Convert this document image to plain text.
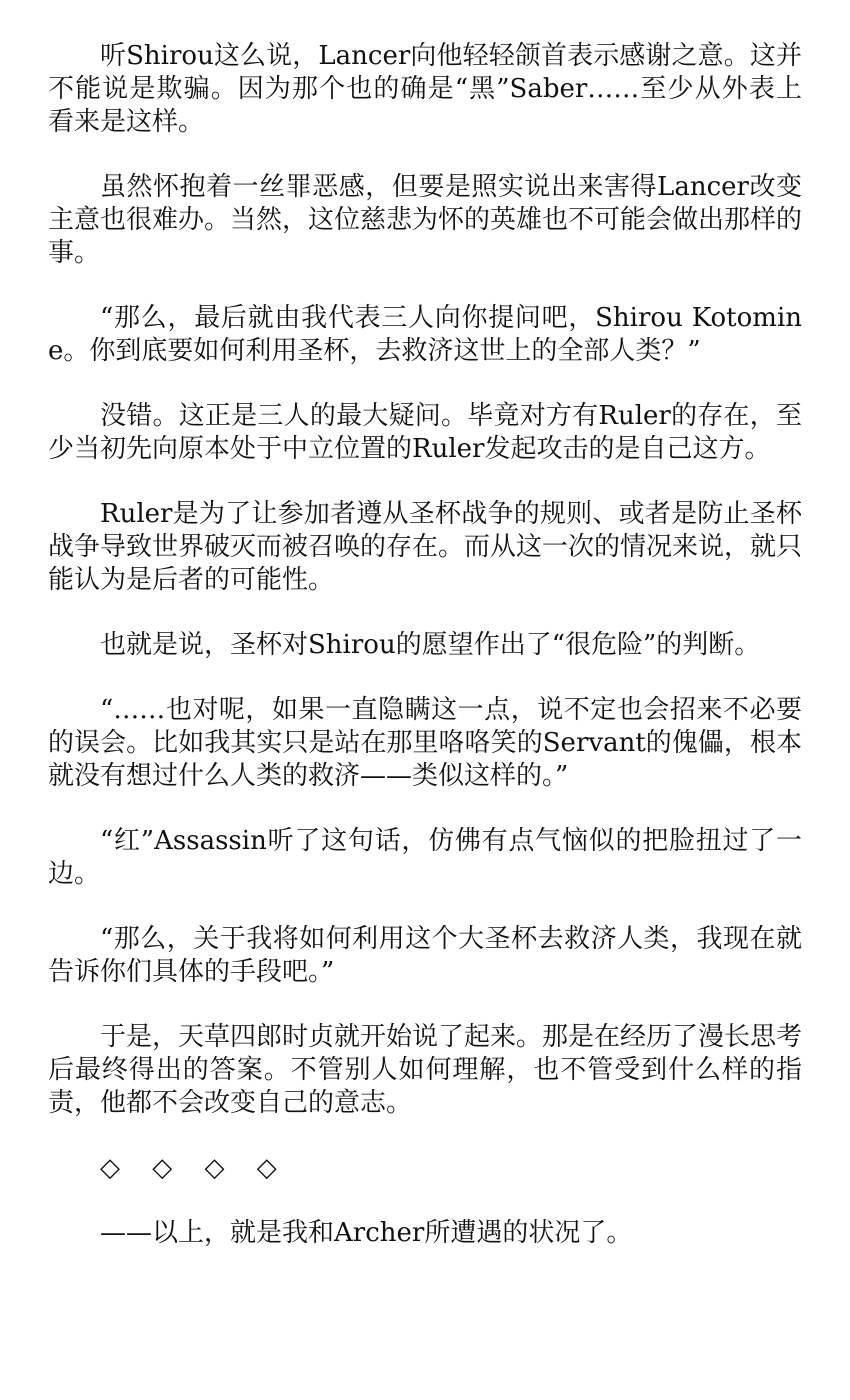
听Shirou这么说，Lancer向他轻轻颌首表示感谢之意。这并不能说是欺骗。因为那个也的确是“黑”Saber……至少从外表上看来是这样。

虽然怀抱着一丝罪恶感，但要是照实说出来害得Lancer改变主意也很难办。当然，这位慈悲为怀的英雄也不可能会做出那样的事。

“那么，最后就由我代表三人向你提问吧，Shirou Kotomine。你到底要如何利用圣杯，去救济这世上的全部人类？”

没错。这正是三人的最大疑问。毕竟对方有Ruler的存在，至少当初先向原本处于中立位置的Ruler发起攻击的是自己这方。

Ruler是为了让参加者遵从圣杯战争的规则、或者是防止圣杯战争导致世界破灭而被召唤的存在。而从这一次的情况来说，就只能认为是后者的可能性。

也就是说，圣杯对Shirou的愿望作出了“很危险”的判断。

“……也对呢，如果一直隐瞒这一点，说不定也会招来不必要的误会。比如我其实只是站在那里咯咯笑的Servant的傀儡，根本就没有想过什么人类的救济——类似这样的。”

“红”Assassin听了这句话，仿佛有点气恼似的把脸扭过了一边。

“那么，关于我将如何利用这个大圣杯去救济人类，我现在就告诉你们具体的手段吧。”

于是，天草四郎时贞就开始说了起来。那是在经历了漫长思考后最终得出的答案。不管别人如何理解，也不管受到什么样的指责，他都不会改变自己的意志。

◇ ◇ ◇ ◇

——以上，就是我和Archer所遭遇的状况了。
